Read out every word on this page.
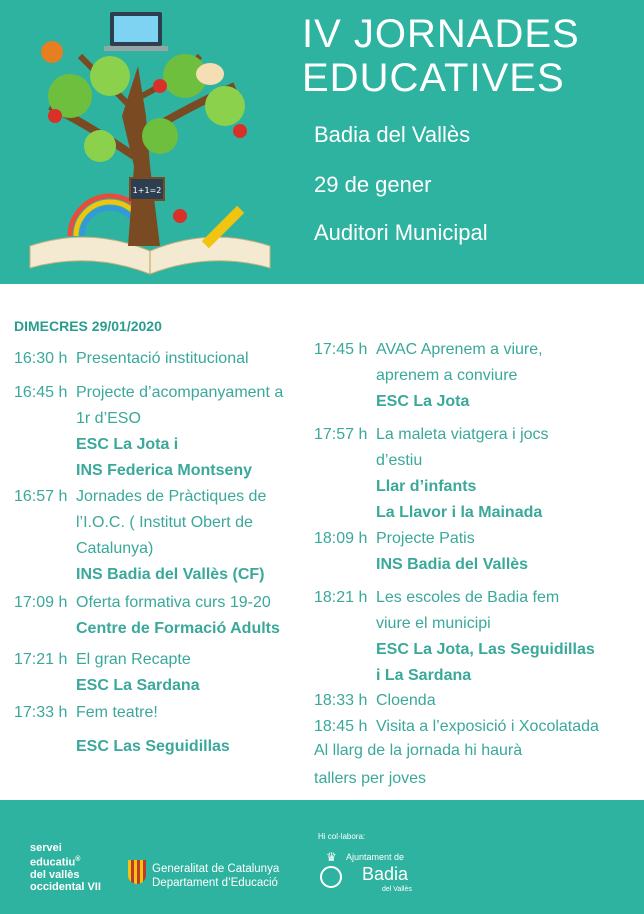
1+1=2
IV JORNADES
EDUCATIVES
Badia del Vallès
29 de gener
Auditori Municipal
DIMECRES 29/01/2020
16:30 h Presentació institucional
16:45 h Projecte d’acompanyament a
1r d’ESO
ESC La Jota i
INS Federica Montseny
16:57 h Jornades de Pràctiques de
l’I.O.C. ( Institut Obert de
Catalunya)
INS Badia del Vallès (CF)
17:09 h Oferta formativa curs 19-20
Centre de Formació Adults
17:21 h El gran Recapte
ESC La Sardana
17:33 h Fem teatre!
ESC Las Seguidillas
17:45 h AVAC Aprenem a viure,
aprenem a conviure
ESC La Jota
17:57 h La maleta viatgera i jocs
d’estiu
Llar d’infants
La Llavor i la Mainada
18:09 h Projecte Patis
INS Badia del Vallès
18:21 h Les escoles de Badia fem
viure el municipi
ESC La Jota, Las Seguidillas
i La Sardana
18:33 h Cloenda
18:45 h Visita a l’exposició i Xocolatada
Al llarg de la jornada hi haurà
tallers per joves
servei
educatiu®
del vallès
occidental VII
Generalitat de Catalunya
Departament d’Educació
Hi col·labora:
♛ Ajuntament de
Badia
del Vallès
